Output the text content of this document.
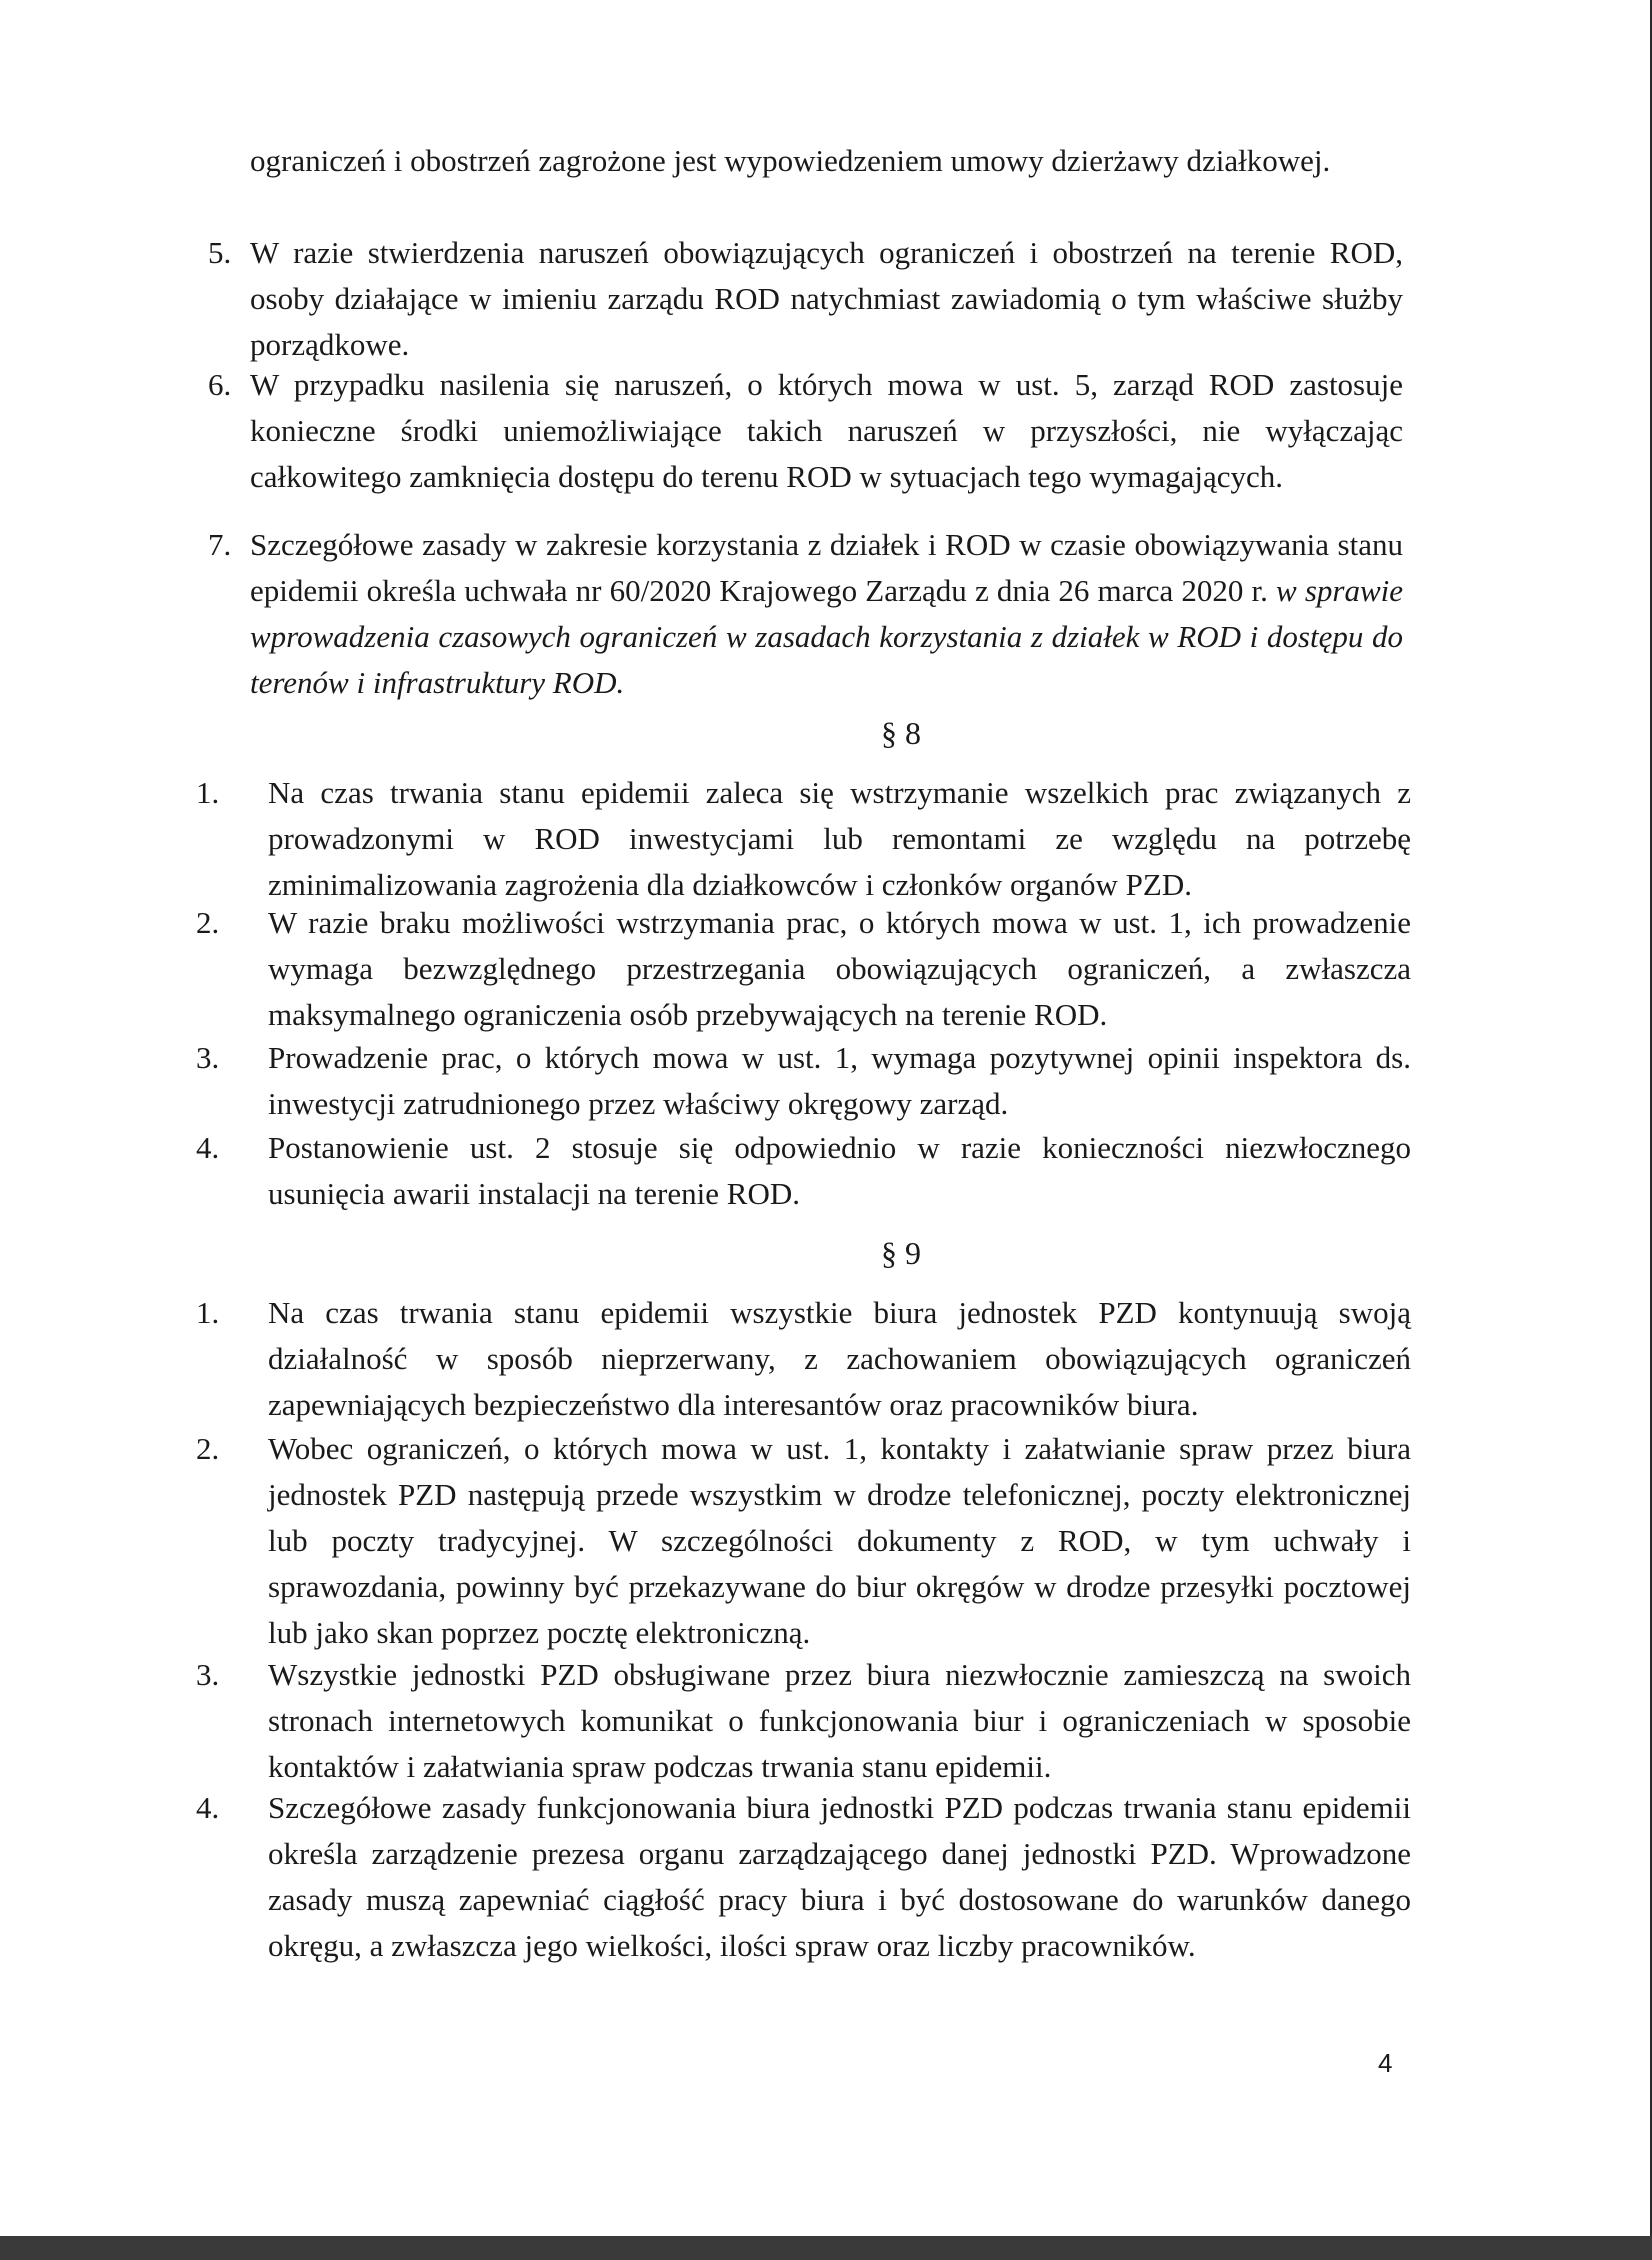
ograniczeń i obostrzeń zagrożone jest wypowiedzeniem umowy dzierżawy działkowej.

5. W razie stwierdzenia naruszeń obowiązujących ograniczeń i obostrzeń na terenie ROD, osoby działające w imieniu zarządu ROD natychmiast zawiadomią o tym właściwe służby porządkowe.

6. W przypadku nasilenia się naruszeń, o których mowa w ust. 5, zarząd ROD zastosuje konieczne środki uniemożliwiające takich naruszeń w przyszłości, nie wyłączając całkowitego zamknięcia dostępu do terenu ROD w sytuacjach tego wymagających.

7. Szczegółowe zasady w zakresie korzystania z działek i ROD w czasie obowiązywania stanu epidemii określa uchwała nr 60/2020 Krajowego Zarządu z dnia 26 marca 2020 r. w sprawie wprowadzenia czasowych ograniczeń w zasadach korzystania z działek w ROD i dostępu do terenów i infrastruktury ROD.

§ 8

1. Na czas trwania stanu epidemii zaleca się wstrzymanie wszelkich prac związanych z prowadzonymi w ROD inwestycjami lub remontami ze względu na potrzebę zminimalizowania zagrożenia dla działkowców i członków organów PZD.

2. W razie braku możliwości wstrzymania prac, o których mowa w ust. 1, ich prowadzenie wymaga bezwzględnego przestrzegania obowiązujących ograniczeń, a zwłaszcza maksymalnego ograniczenia osób przebywających na terenie ROD.

3. Prowadzenie prac, o których mowa w ust. 1, wymaga pozytywnej opinii inspektora ds. inwestycji zatrudnionego przez właściwy okręgowy zarząd.

4. Postanowienie ust. 2 stosuje się odpowiednio w razie konieczności niezwłocznego usunięcia awarii instalacji na terenie ROD.

§ 9

1. Na czas trwania stanu epidemii wszystkie biura jednostek PZD kontynuują swoją działalność w sposób nieprzerwany, z zachowaniem obowiązujących ograniczeń zapewniających bezpieczeństwo dla interesantów oraz pracowników biura.

2. Wobec ograniczeń, o których mowa w ust. 1, kontakty i załatwianie spraw przez biura jednostek PZD następują przede wszystkim w drodze telefonicznej, poczty elektronicznej lub poczty tradycyjnej. W szczególności dokumenty z ROD, w tym uchwały i sprawozdania, powinny być przekazywane do biur okręgów w drodze przesyłki pocztowej lub jako skan poprzez pocztę elektroniczną.

3. Wszystkie jednostki PZD obsługiwane przez biura niezwłocznie zamieszczą na swoich stronach internetowych komunikat o funkcjonowania biur i ograniczeniach w sposobie kontaktów i załatwiania spraw podczas trwania stanu epidemii.

4. Szczegółowe zasady funkcjonowania biura jednostki PZD podczas trwania stanu epidemii określa zarządzenie prezesa organu zarządzającego danej jednostki PZD. Wprowadzone zasady muszą zapewniać ciągłość pracy biura i być dostosowane do warunków danego okręgu, a zwłaszcza jego wielkości, ilości spraw oraz liczby pracowników.

4
